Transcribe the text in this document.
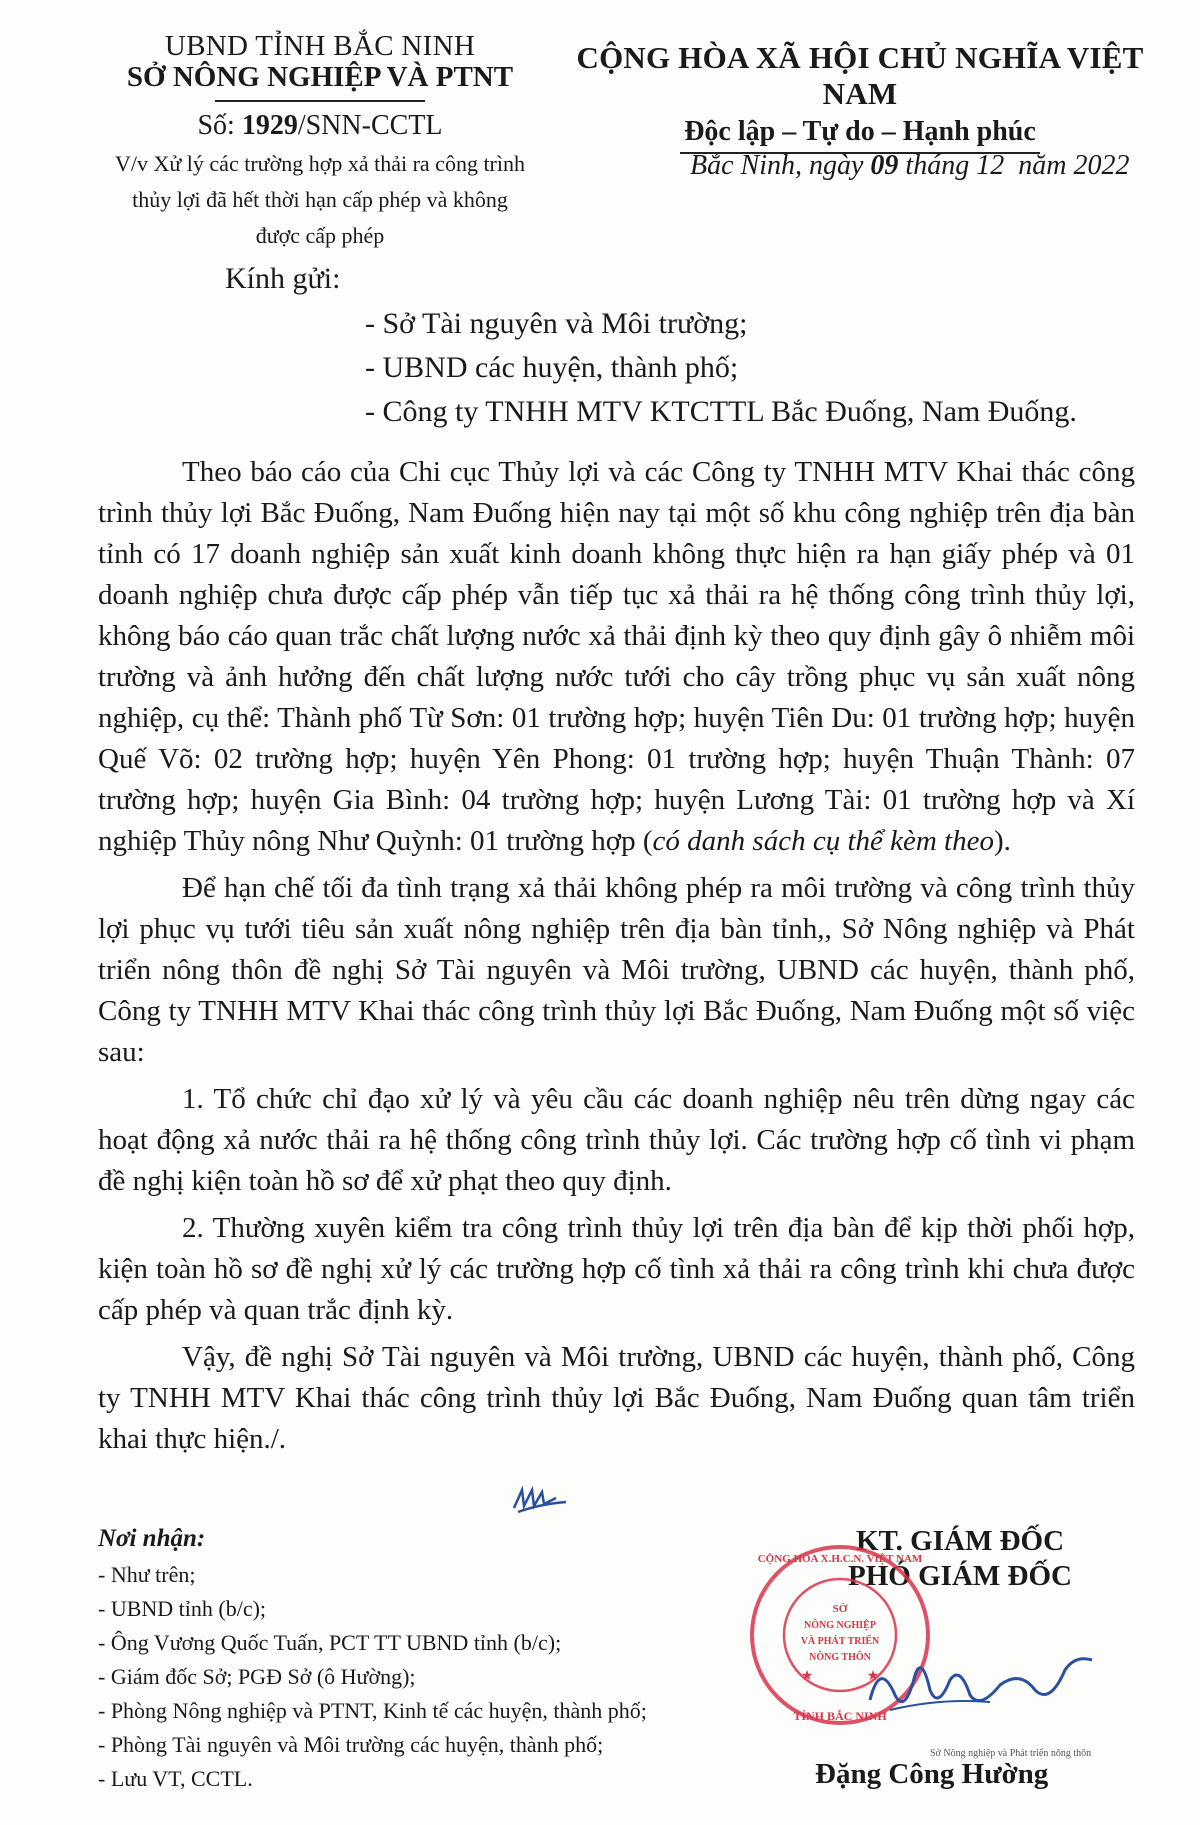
UBND TỈNH BẮC NINH
SỞ NÔNG NGHIỆP VÀ PTNT
Số: 1929/SNN-CCTL
V/v Xử lý các trường hợp xả thải ra công trình
thủy lợi đã hết thời hạn cấp phép và không
được cấp phép
CỘNG HÒA XÃ HỘI CHỦ NGHĨA VIỆT NAM
Độc lập – Tự do – Hạnh phúc
Bắc Ninh, ngày 09 tháng 12 năm 2022
Kính gửi:
- Sở Tài nguyên và Môi trường;
- UBND các huyện, thành phố;
- Công ty TNHH MTV KTCTTL Bắc Đuống, Nam Đuống.

Theo báo cáo của Chi cục Thủy lợi và các Công ty TNHH MTV Khai thác công trình thủy lợi Bắc Đuống, Nam Đuống hiện nay tại một số khu công nghiệp trên địa bàn tỉnh có 17 doanh nghiệp sản xuất kinh doanh không thực hiện ra hạn giấy phép và 01 doanh nghiệp chưa được cấp phép vẫn tiếp tục xả thải ra hệ thống công trình thủy lợi, không báo cáo quan trắc chất lượng nước xả thải định kỳ theo quy định gây ô nhiễm môi trường và ảnh hưởng đến chất lượng nước tưới cho cây trồng phục vụ sản xuất nông nghiệp, cụ thể: Thành phố Từ Sơn: 01 trường hợp; huyện Tiên Du: 01 trường hợp; huyện Quế Võ: 02 trường hợp; huyện Yên Phong: 01 trường hợp; huyện Thuận Thành: 07 trường hợp; huyện Gia Bình: 04 trường hợp; huyện Lương Tài: 01 trường hợp và Xí nghiệp Thủy nông Như Quỳnh: 01 trường hợp (có danh sách cụ thể kèm theo).

Để hạn chế tối đa tình trạng xả thải không phép ra môi trường và công trình thủy lợi phục vụ tưới tiêu sản xuất nông nghiệp trên địa bàn tỉnh,, Sở Nông nghiệp và Phát triển nông thôn đề nghị Sở Tài nguyên và Môi trường, UBND các huyện, thành phố, Công ty TNHH MTV Khai thác công trình thủy lợi Bắc Đuống, Nam Đuống một số việc sau:

1. Tổ chức chỉ đạo xử lý và yêu cầu các doanh nghiệp nêu trên dừng ngay các hoạt động xả nước thải ra hệ thống công trình thủy lợi. Các trường hợp cố tình vi phạm đề nghị kiện toàn hồ sơ để xử phạt theo quy định.

2. Thường xuyên kiểm tra công trình thủy lợi trên địa bàn để kịp thời phối hợp, kiện toàn hồ sơ đề nghị xử lý các trường hợp cố tình xả thải ra công trình khi chưa được cấp phép và quan trắc định kỳ.

Vậy, đề nghị Sở Tài nguyên và Môi trường, UBND các huyện, thành phố, Công ty TNHH MTV Khai thác công trình thủy lợi Bắc Đuống, Nam Đuống quan tâm triển khai thực hiện./.

Nơi nhận:
- Như trên;
- UBND tỉnh (b/c);
- Ông Vương Quốc Tuấn, PCT TT UBND tỉnh (b/c);
- Giám đốc Sở; PGĐ Sở (ô Hường);
- Phòng Nông nghiệp và PTNT, Kinh tế các huyện, thành phố;
- Phòng Tài nguyên và Môi trường các huyện, thành phố;
- Lưu VT, CCTL.
KT. GIÁM ĐỐC
PHÓ GIÁM ĐỐC
CỘNG HÒA X.H.C.N. VIỆT NAM
TỈNH BẮC NINH
SỞ
NÔNG NGHIỆP
VÀ PHÁT TRIỂN
NÔNG THÔN
★	★
Sở Nông nghiệp và Phát triển nông thôn
Đặng Công Hường
